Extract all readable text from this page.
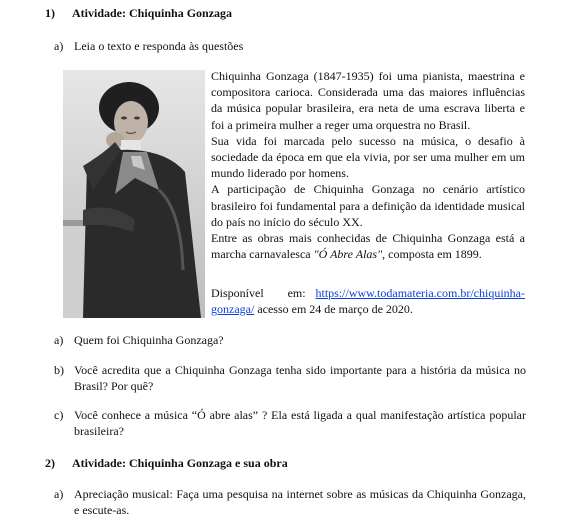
1) Atividade: Chiquinha Gonzaga
a) Leia o texto e responda às questões

Chiquinha Gonzaga (1847-1935) foi uma pianista, maestrina e compositora carioca. Considerada uma das maiores influências da música popular brasileira, era neta de uma escrava liberta e foi a primeira mulher a reger uma orquestra no Brasil.

Sua vida foi marcada pelo sucesso na música, o desafio à sociedade da época em que ela vivia, por ser uma mulher em um mundo liderado por homens.

A participação de Chiquinha Gonzaga no cenário artístico brasileiro foi fundamental para a definição da identidade musical do país no início do século XX.

Entre as obras mais conhecidas de Chiquinha Gonzaga está a marcha carnavalesca "Ó Abre Alas", composta em 1899.

Disponível em: https://www.todamateria.com.br/chiquinha-gonzaga/ acesso em 24 de março de 2020.
a) Quem foi Chiquinha Gonzaga?
b) Você acredita que a Chiquinha Gonzaga tenha sido importante para a história da música no Brasil? Por quê?
c) Você conhece a música “Ó abre alas” ? Ela está ligada a qual manifestação artística popular brasileira?
2) Atividade: Chiquinha Gonzaga e sua obra
a) Apreciação musical: Faça uma pesquisa na internet sobre as músicas da Chiquinha Gonzaga, e escute-as.
